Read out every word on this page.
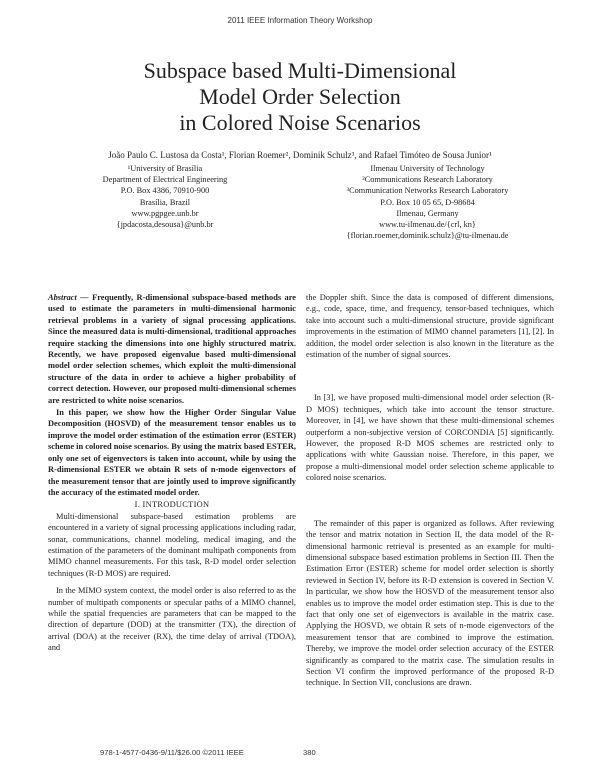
2011 IEEE Information Theory Workshop
Subspace based Multi-Dimensional
Model Order Selection
in Colored Noise Scenarios
João Paulo C. Lustosa da Costa¹, Florian Roemer², Dominik Schulz³, and Rafael Timóteo de Sousa Junior¹
¹University of Brasília
Department of Electrical Engineering
P.O. Box 4386, 70910-900
Brasília, Brazil
www.pgpgee.unb.br
{jpdacosta,desousa}@unb.br
Ilmenau University of Technology
²Communications Research Laboratory
³Communication Networks Research Laboratory
P.O. Box 10 05 65, D-98684
Ilmenau, Germany
www.tu-ilmenau.de/{crl, kn}
{florian.roemer,dominik.schulz}@tu-ilmenau.de

Abstract — Frequently, R-dimensional subspace-based methods are used to estimate the parameters in multi-dimensional harmonic retrieval problems in a variety of signal processing applications. Since the measured data is multi-dimensional, traditional approaches require stacking the dimensions into one highly structured matrix. Recently, we have proposed eigenvalue based multi-dimensional model order selection schemes, which exploit the multi-dimensional structure of the data in order to achieve a higher probability of correct detection. However, our proposed multi-dimensional schemes are restricted to white noise scenarios.

In this paper, we show how the Higher Order Singular Value Decomposition (HOSVD) of the measurement tensor enables us to improve the model order estimation of the estimation error (ESTER) scheme in colored noise scenarios. By using the matrix based ESTER, only one set of eigenvectors is taken into account, while by using the R-dimensional ESTER we obtain R sets of n-mode eigenvectors of the measurement tensor that are jointly used to improve significantly the accuracy of the estimated model order.

I. INTRODUCTION

Multi-dimensional subspace-based estimation problems are encountered in a variety of signal processing applications including radar, sonar, communications, channel modeling, medical imaging, and the estimation of the parameters of the dominant multipath components from MIMO channel measurements. For this task, R-D model order selection techniques (R-D MOS) are required.

In the MIMO system context, the model order is also referred to as the number of multipath components or specular paths of a MIMO channel, while the spatial frequencies are parameters that can be mapped to the direction of departure (DOD) at the transmitter (TX), the direction of arrival (DOA) at the receiver (RX), the time delay of arrival (TDOA), and

the Doppler shift. Since the data is composed of different dimensions, e.g., code, space, time, and frequency, tensor-based techniques, which take into account such a multi-dimensional structure, provide significant improvements in the estimation of MIMO channel parameters [1], [2]. In addition, the model order selection is also known in the literature as the estimation of the number of signal sources.

In [3], we have proposed multi-dimensional model order selection (R-D MOS) techniques, which take into account the tensor structure. Moreover, in [4], we have shown that these multi-dimensional schemes outperform a non-subjective version of CORCONDIA [5] significantly. However, the proposed R-D MOS schemes are restricted only to applications with white Gaussian noise. Therefore, in this paper, we propose a multi-dimensional model order selection scheme applicable to colored noise scenarios.

The remainder of this paper is organized as follows. After reviewing the tensor and matrix notation in Section II, the data model of the R-dimensional harmonic retrieval is presented as an example for multi-dimensional subspace based estimation problems in Section III. Then the Estimation Error (ESTER) scheme for model order selection is shortly reviewed in Section IV, before its R-D extension is covered in Section V. In particular, we show how the HOSVD of the measurement tensor also enables us to improve the model order estimation step. This is due to the fact that only one set of eigenvectors is available in the matrix case. Applying the HOSVD, we obtain R sets of n-mode eigenvectors of the measurement tensor that are combined to improve the estimation. Thereby, we improve the model order selection accuracy of the ESTER significantly as compared to the matrix case. The simulation results in Section VI confirm the improved performance of the proposed R-D technique. In Section VII, conclusions are drawn.

978-1-4577-0436-9/11/$26.00 ©2011 IEEE	380
